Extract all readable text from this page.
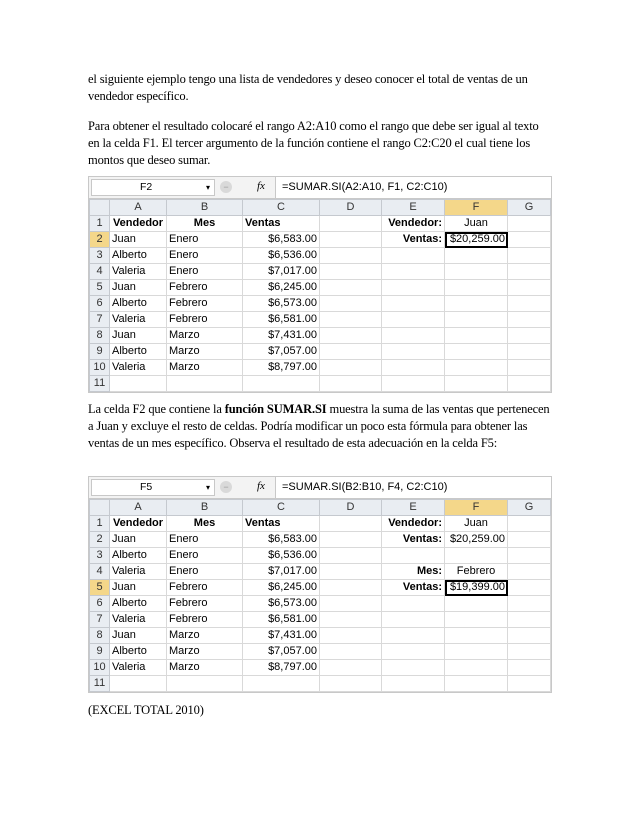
el siguiente ejemplo tengo una lista de vendedores y deseo conocer el total de ventas de un vendedor específico.

Para obtener el resultado colocaré el rango A2:A10 como el rango que debe ser igual al texto en la celda F1. El tercer argumento de la función contiene el rango C2:C20 el cual tiene los montos que deseo sumar.

F2	▾	−	fx	=SUMAR.SI(A2:A10, F1, C2:C10)
	A	B	C	D	E	F	G
1	Vendedor	Mes	Ventas		Vendedor:	Juan	
2	Juan	Enero	$6,583.00		Ventas:	$20,259.00	
3	Alberto	Enero	$6,536.00				
4	Valeria	Enero	$7,017.00				
5	Juan	Febrero	$6,245.00				
6	Alberto	Febrero	$6,573.00				
7	Valeria	Febrero	$6,581.00				
8	Juan	Marzo	$7,431.00				
9	Alberto	Marzo	$7,057.00				
10	Valeria	Marzo	$8,797.00				
11							

La celda F2 que contiene la función SUMAR.SI muestra la suma de las ventas que pertenecen a Juan y excluye el resto de celdas. Podría modificar un poco esta fórmula para obtener las ventas de un mes específico. Observa el resultado de esta adecuación en la celda F5:

F5	▾	−	fx	=SUMAR.SI(B2:B10, F4, C2:C10)
	A	B	C	D	E	F	G
1	Vendedor	Mes	Ventas		Vendedor:	Juan	
2	Juan	Enero	$6,583.00		Ventas:	$20,259.00	
3	Alberto	Enero	$6,536.00				
4	Valeria	Enero	$7,017.00		Mes:	Febrero	
5	Juan	Febrero	$6,245.00		Ventas:	$19,399.00	
6	Alberto	Febrero	$6,573.00				
7	Valeria	Febrero	$6,581.00				
8	Juan	Marzo	$7,431.00				
9	Alberto	Marzo	$7,057.00				
10	Valeria	Marzo	$8,797.00				
11							

(EXCEL TOTAL 2010)
